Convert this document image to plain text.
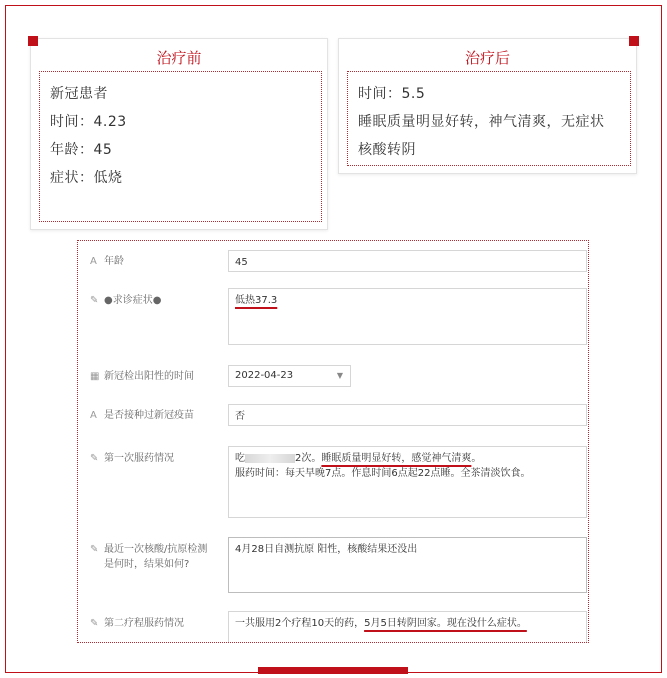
治疗前
新冠患者
时间：4.23
年龄：45
症状：低烧
治疗后
时间：5.5
睡眠质量明显好转，神气清爽，无症状
核酸转阴
A 年龄	45
✎ ●求诊症状●	低热37.3
▦ 新冠检出阳性的时间	2022-04-23	▼
A 是否接种过新冠疫苗	否
✎ 第一次服药情况	吃	2次。睡眠质量明显好转，感觉神气清爽。
服药时间：每天早晚7点。作息时间6点起22点睡。全茶清淡饮食。
✎ 最近一次核酸/抗原检测是何时，结果如何?
4月28日自测抗原 阳性，核酸结果还没出
✎ 第二疗程服药情况	一共服用2个疗程10天的药，5月5日转阴回家。现在没什么症状。
